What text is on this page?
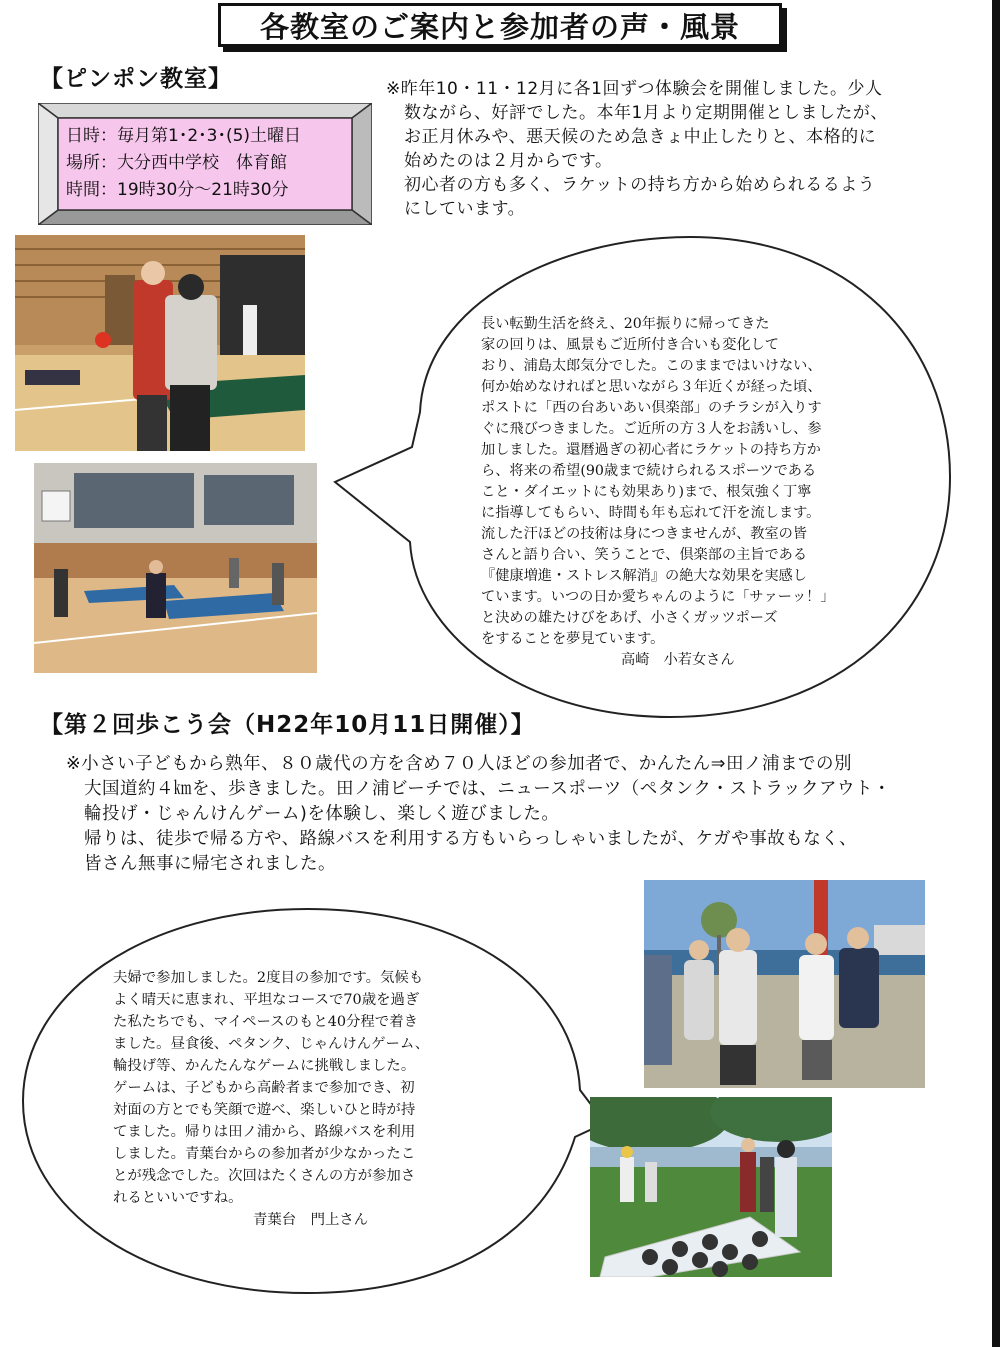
各教室のご案内と参加者の声・風景
【ピンポン教室】
日時：毎月第1･2･3･(5)土曜日
場所：大分西中学校　体育館
時間：19時30分～21時30分
※昨年10・11・12月に各1回ずつ体験会を開催しました。少人
数ながら、好評でした。本年1月より定期開催としましたが、
お正月休みや、悪天候のため急きょ中止したりと、本格的に
始めたのは２月からです。
初心者の方も多く、ラケットの持ち方から始められるるよう
にしています。
長い転勤生活を終え、20年振りに帰ってきた
家の回りは、風景もご近所付き合いも変化して
おり、浦島太郎気分でした。このままではいけない、
何か始めなければと思いながら３年近くが経った頃、
ポストに「西の台あいあい倶楽部」のチラシが入りす
ぐに飛びつきました。ご近所の方３人をお誘いし、参
加しました。還暦過ぎの初心者にラケットの持ち方か
ら、将来の希望(90歳まで続けられるスポーツである
こと・ダイエットにも効果あり)まで、根気強く丁寧
に指導してもらい、時間も年も忘れて汗を流します。
流した汗ほどの技術は身につきませんが、教室の皆
さんと語り合い、笑うことで、倶楽部の主旨である
『健康増進・ストレス解消』の絶大な効果を実感し
ています。いつの日か愛ちゃんのように「サァーッ！」
と決めの雄たけびをあげ、小さくガッツポーズ
をすることを夢見ています。
高崎　小若女さん
【第２回歩こう会（H22年10月11日開催）】
※小さい子どもから熟年、８０歳代の方を含め７０人ほどの参加者で、かんたん⇒田ノ浦までの別
大国道約４㎞を、歩きました。田ノ浦ビーチでは、ニュースポーツ（ペタンク・ストラックアウト・
輪投げ・じゃんけんゲーム)を体験し、楽しく遊びました。
帰りは、徒歩で帰る方や、路線バスを利用する方もいらっしゃいましたが、ケガや事故もなく、
皆さん無事に帰宅されました。
夫婦で参加しました。2度目の参加です。気候も
よく晴天に恵まれ、平坦なコースで70歳を過ぎ
た私たちでも、マイペースのもと40分程で着き
ました。昼食後、ペタンク、じゃんけんゲーム、
輪投げ等、かんたんなゲームに挑戦しました。
ゲームは、子どもから高齢者まで参加でき、初
対面の方とでも笑顔で遊べ、楽しいひと時が持
てました。帰りは田ノ浦から、路線バスを利用
しました。青葉台からの参加者が少なかったこ
とが残念でした。次回はたくさんの方が参加さ
れるといいですね。
青葉台　門上さん
